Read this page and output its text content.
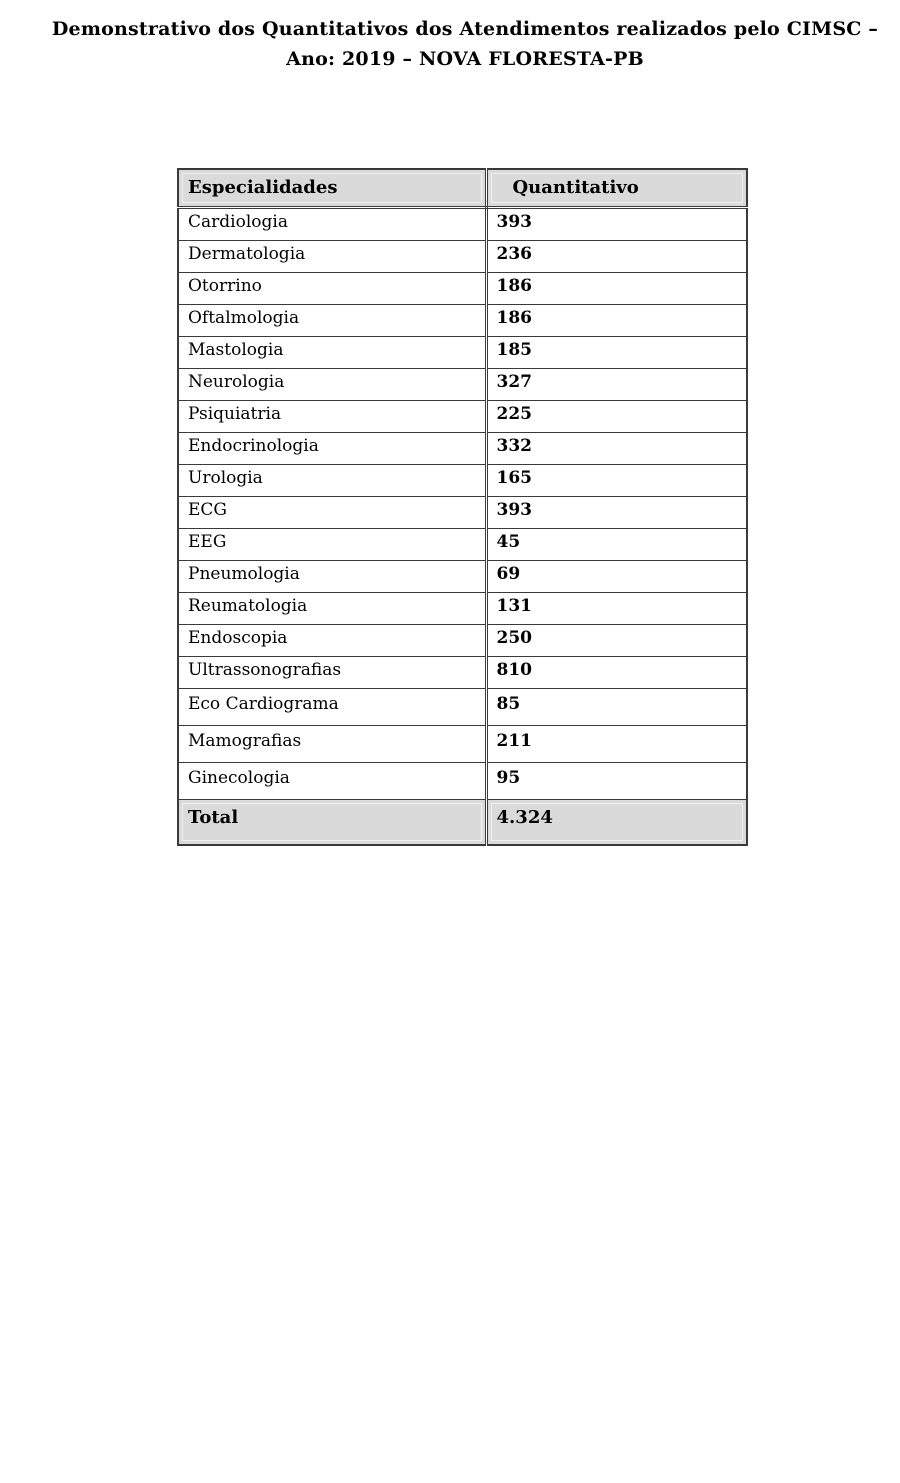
Demonstrativo dos Quantitativos dos Atendimentos realizados pelo CIMSC –
Ano: 2019 – NOVA FLORESTA-PB
Especialidades	Quantitativo
Cardiologia	393
Dermatologia	236
Otorrino	186
Oftalmologia	186
Mastologia	185
Neurologia	327
Psiquiatria	225
Endocrinologia	332
Urologia	165
ECG	393
EEG	45
Pneumologia	69
Reumatologia	131
Endoscopia	250
Ultrassonografias	810
Eco Cardiograma	85
Mamografias	211
Ginecologia	95
Total	4.324
